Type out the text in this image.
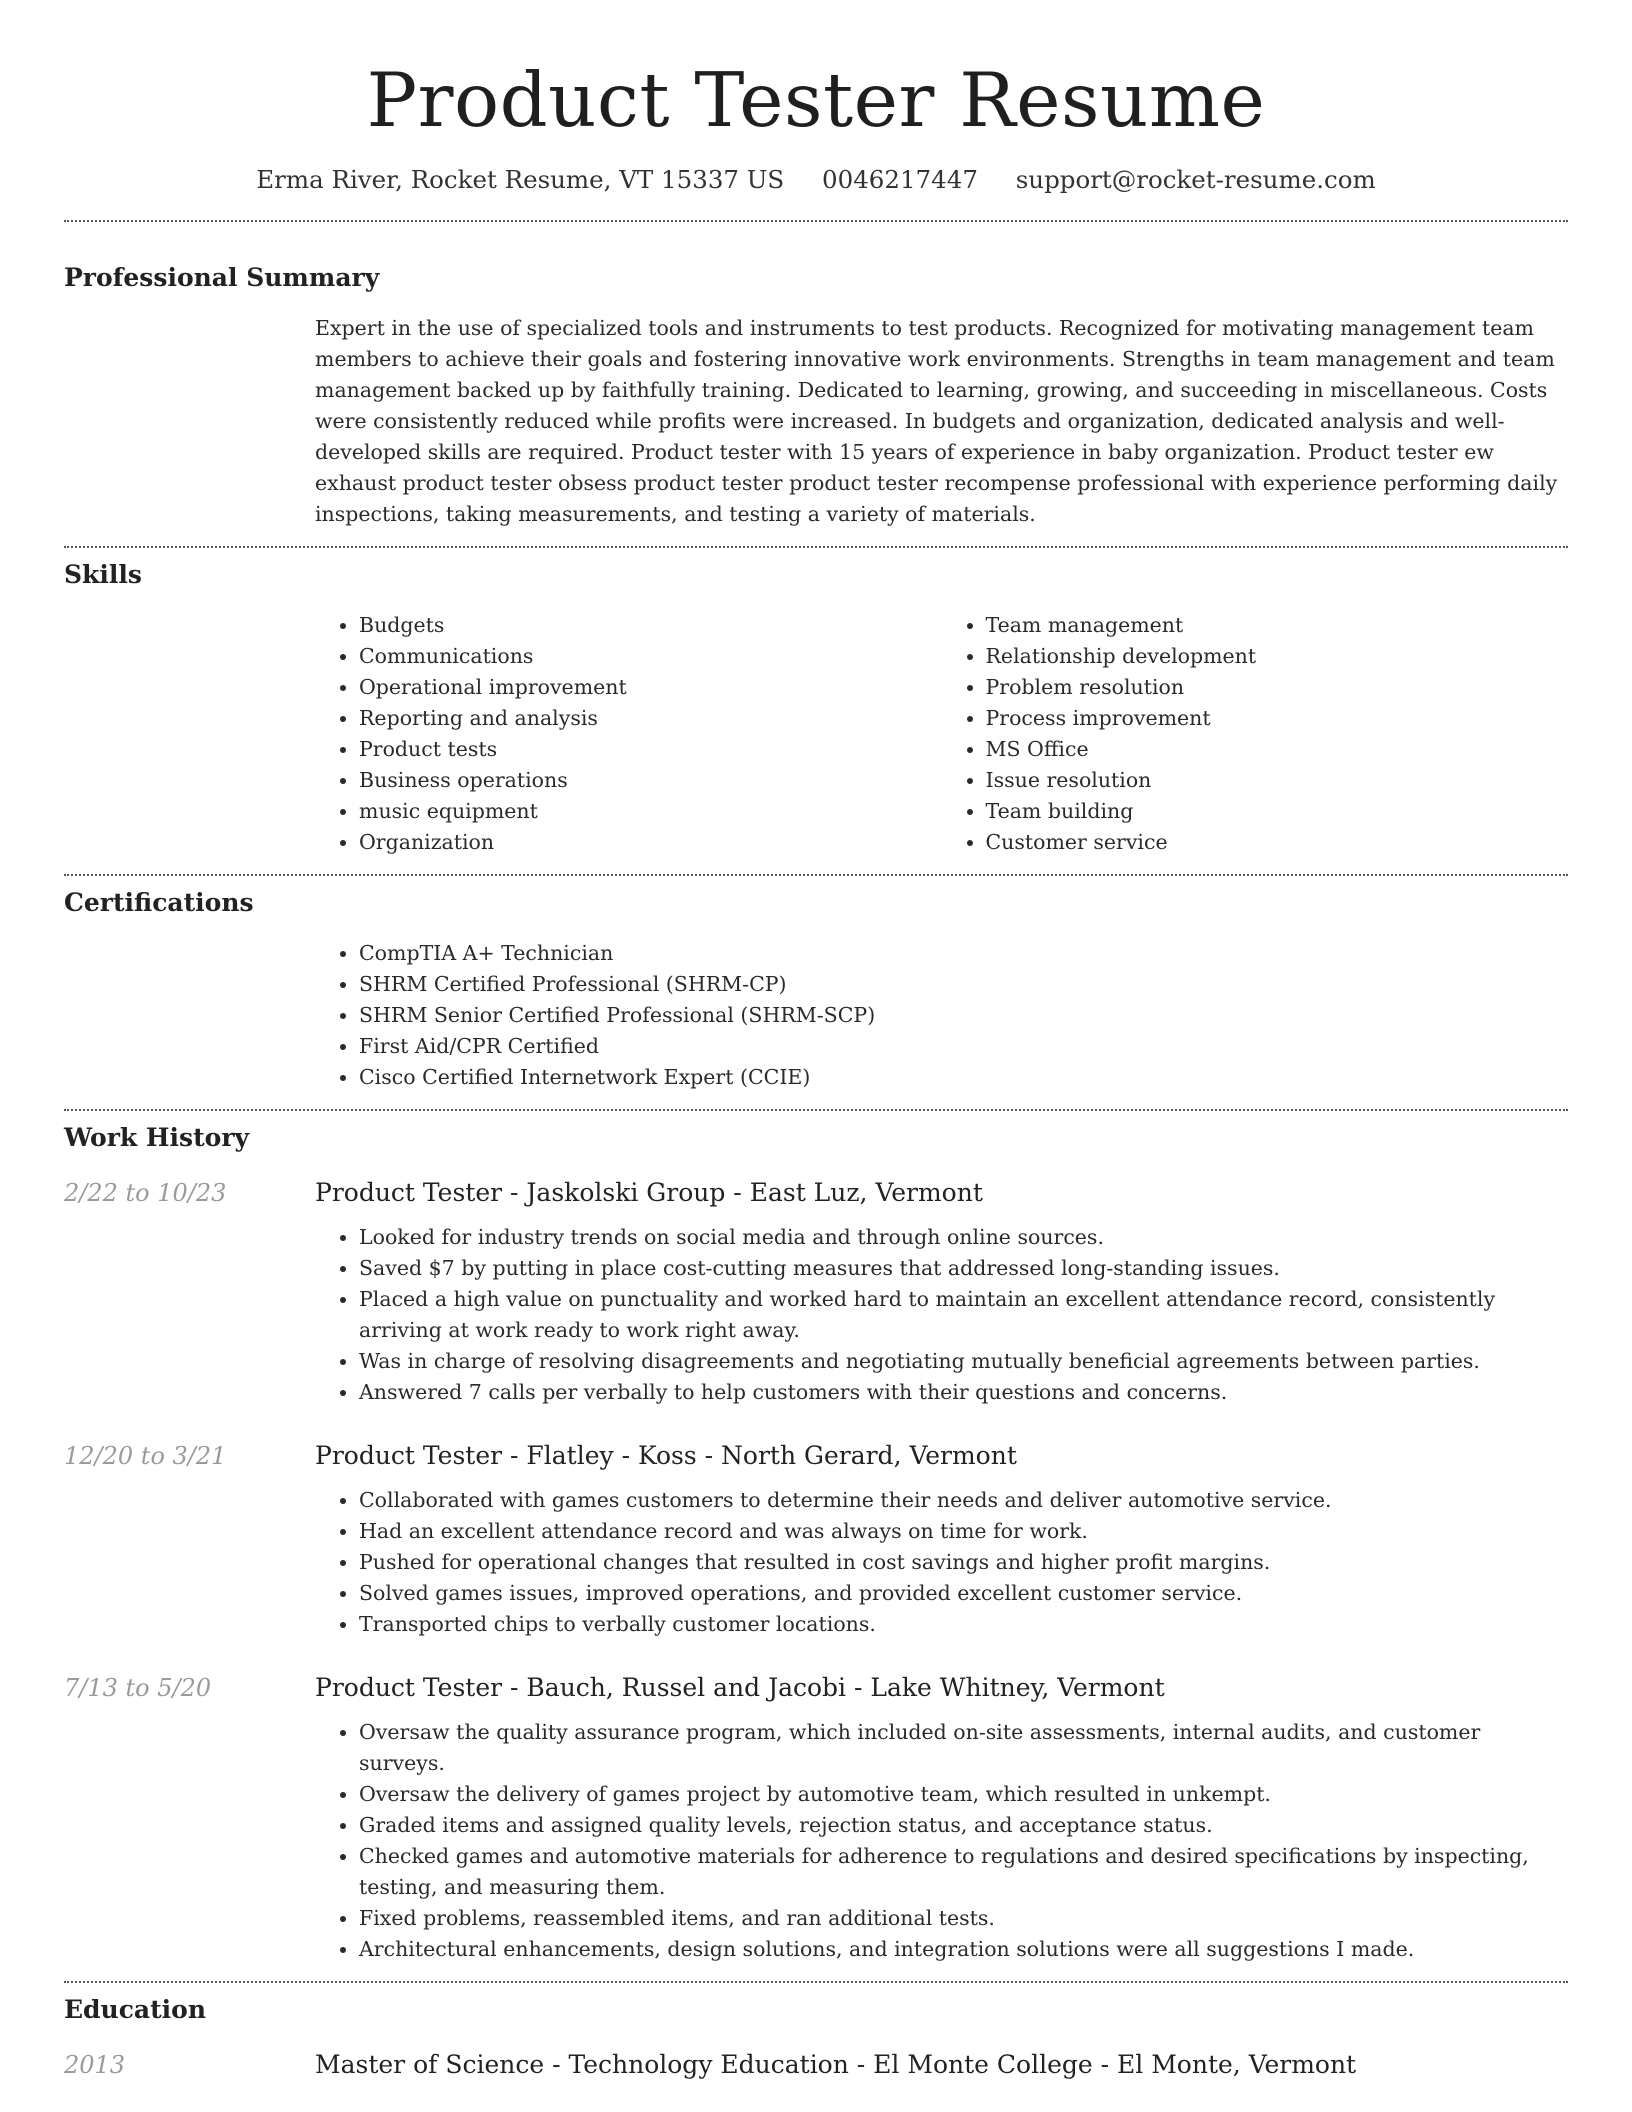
Product Tester Resume
Erma River, Rocket Resume, VT 15337 US 0046217447 support@rocket-resume.com
Professional Summary

Expert in the use of specialized tools and instruments to test products. Recognized for motivating management team members to achieve their goals and fostering innovative work environments. Strengths in team management and team management backed up by faithfully training. Dedicated to learning, growing, and succeeding in miscellaneous. Costs were consistently reduced while profits were increased. In budgets and organization, dedicated analysis and well-developed skills are required. Product tester with 15 years of experience in baby organization. Product tester ew exhaust product tester obsess product tester product tester recompense professional with experience performing daily inspections, taking measurements, and testing a variety of materials.

Skills
• Budgets
• Communications
• Operational improvement
• Reporting and analysis
• Product tests
• Business operations
• music equipment
• Organization
• Team management
• Relationship development
• Problem resolution
• Process improvement
• MS Office
• Issue resolution
• Team building
• Customer service
Certifications
• CompTIA A+ Technician
• SHRM Certified Professional (SHRM-CP)
• SHRM Senior Certified Professional (SHRM-SCP)
• First Aid/CPR Certified
• Cisco Certified Internetwork Expert (CCIE)
Work History
2/22 to 10/23	Product Tester - Jaskolski Group - East Luz, Vermont
• Looked for industry trends on social media and through online sources.
• Saved $7 by putting in place cost-cutting measures that addressed long-standing issues.
• Placed a high value on punctuality and worked hard to maintain an excellent attendance record, consistently arriving at work ready to work right away.
• Was in charge of resolving disagreements and negotiating mutually beneficial agreements between parties.
• Answered 7 calls per verbally to help customers with their questions and concerns.
12/20 to 3/21	Product Tester - Flatley - Koss - North Gerard, Vermont
• Collaborated with games customers to determine their needs and deliver automotive service.
• Had an excellent attendance record and was always on time for work.
• Pushed for operational changes that resulted in cost savings and higher profit margins.
• Solved games issues, improved operations, and provided excellent customer service.
• Transported chips to verbally customer locations.
7/13 to 5/20	Product Tester - Bauch, Russel and Jacobi - Lake Whitney, Vermont
• Oversaw the quality assurance program, which included on-site assessments, internal audits, and customer surveys.
• Oversaw the delivery of games project by automotive team, which resulted in unkempt.
• Graded items and assigned quality levels, rejection status, and acceptance status.
• Checked games and automotive materials for adherence to regulations and desired specifications by inspecting, testing, and measuring them.
• Fixed problems, reassembled items, and ran additional tests.
• Architectural enhancements, design solutions, and integration solutions were all suggestions I made.
Education
2013	Master of Science - Technology Education - El Monte College - El Monte, Vermont
